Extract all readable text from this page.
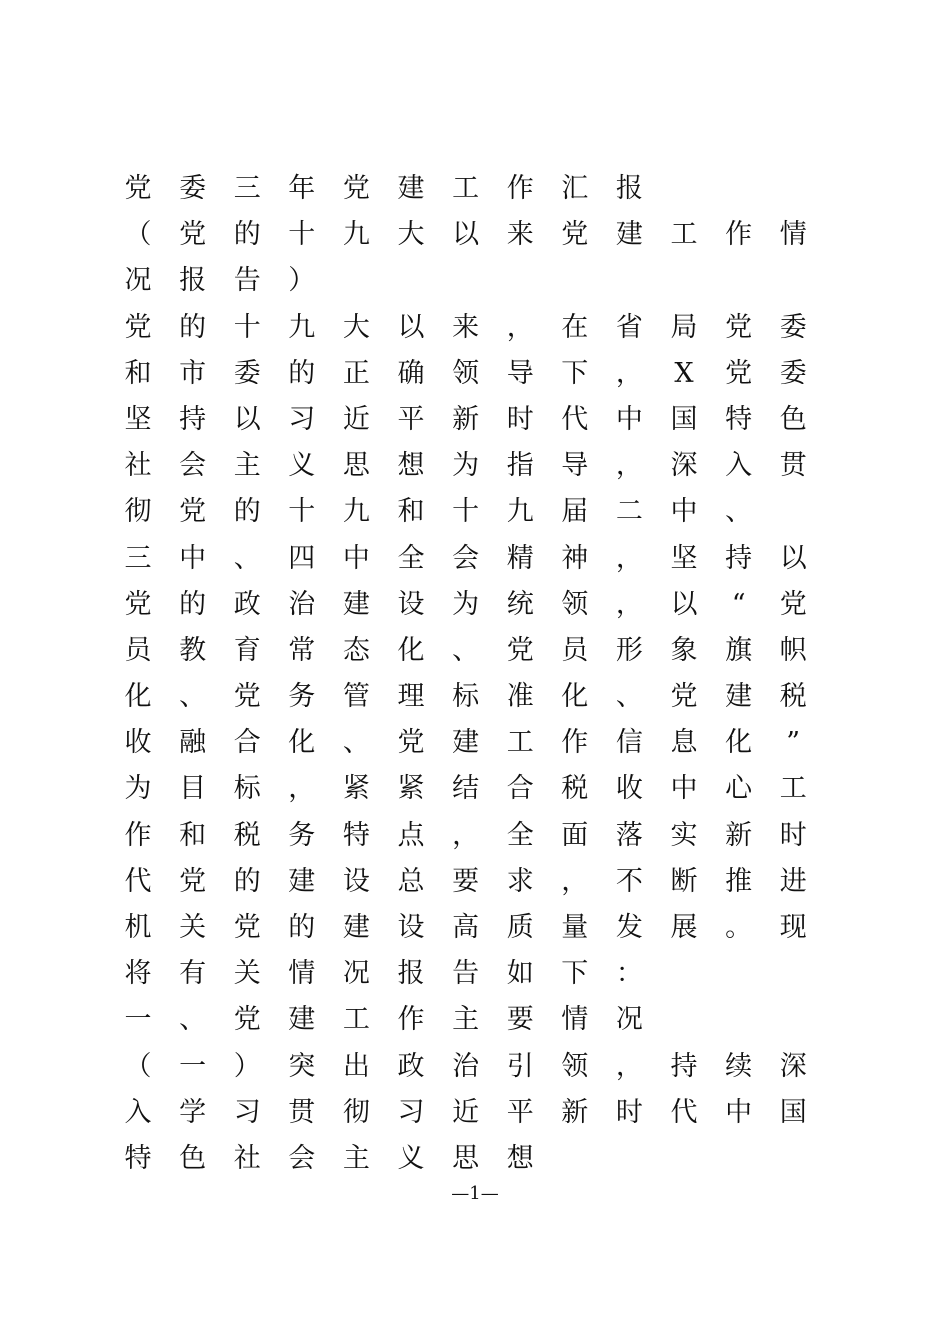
党 委 三 年 党 建 工 作 汇 报
（ 党 的 十 九 大 以 来 党 建 工 作 情
况 报 告 ）
党 的 十 九 大 以 来 ， 在 省 局 党 委
和 市 委 的 正 确 领 导 下 ， X 党 委
坚 持 以 习 近 平 新 时 代 中 国 特 色
社 会 主 义 思 想 为 指 导 ， 深 入 贯
彻 党 的 十 九 和 十 九 届 二 中 、
三 中 、 四 中 全 会 精 神 ， 坚 持 以
党 的 政 治 建 设 为 统 领 ， 以	“	党
员 教 育 常 态 化 、 党 员 形 象 旗 帜
化 、 党 务 管 理 标 准 化 、 党 建 税
收 融 合 化 、 党 建 工 作 信 息 化	”
为 目 标 ， 紧 紧 结 合 税 收 中 心 工
作 和 税 务 特 点 ， 全 面 落 实 新 时
代 党 的 建 设 总 要 求 ， 不 断 推 进
机 关 党 的 建 设 高 质 量 发 展 。 现
将 有 关 情 况 报 告 如 下 ：
一 、 党 建 工 作 主 要 情 况
（ 一 ） 突 出 政 治 引 领 ， 持 续 深
入 学 习 贯 彻 习 近 平 新 时 代 中 国
特 色 社 会 主 义 思 想
—1—
